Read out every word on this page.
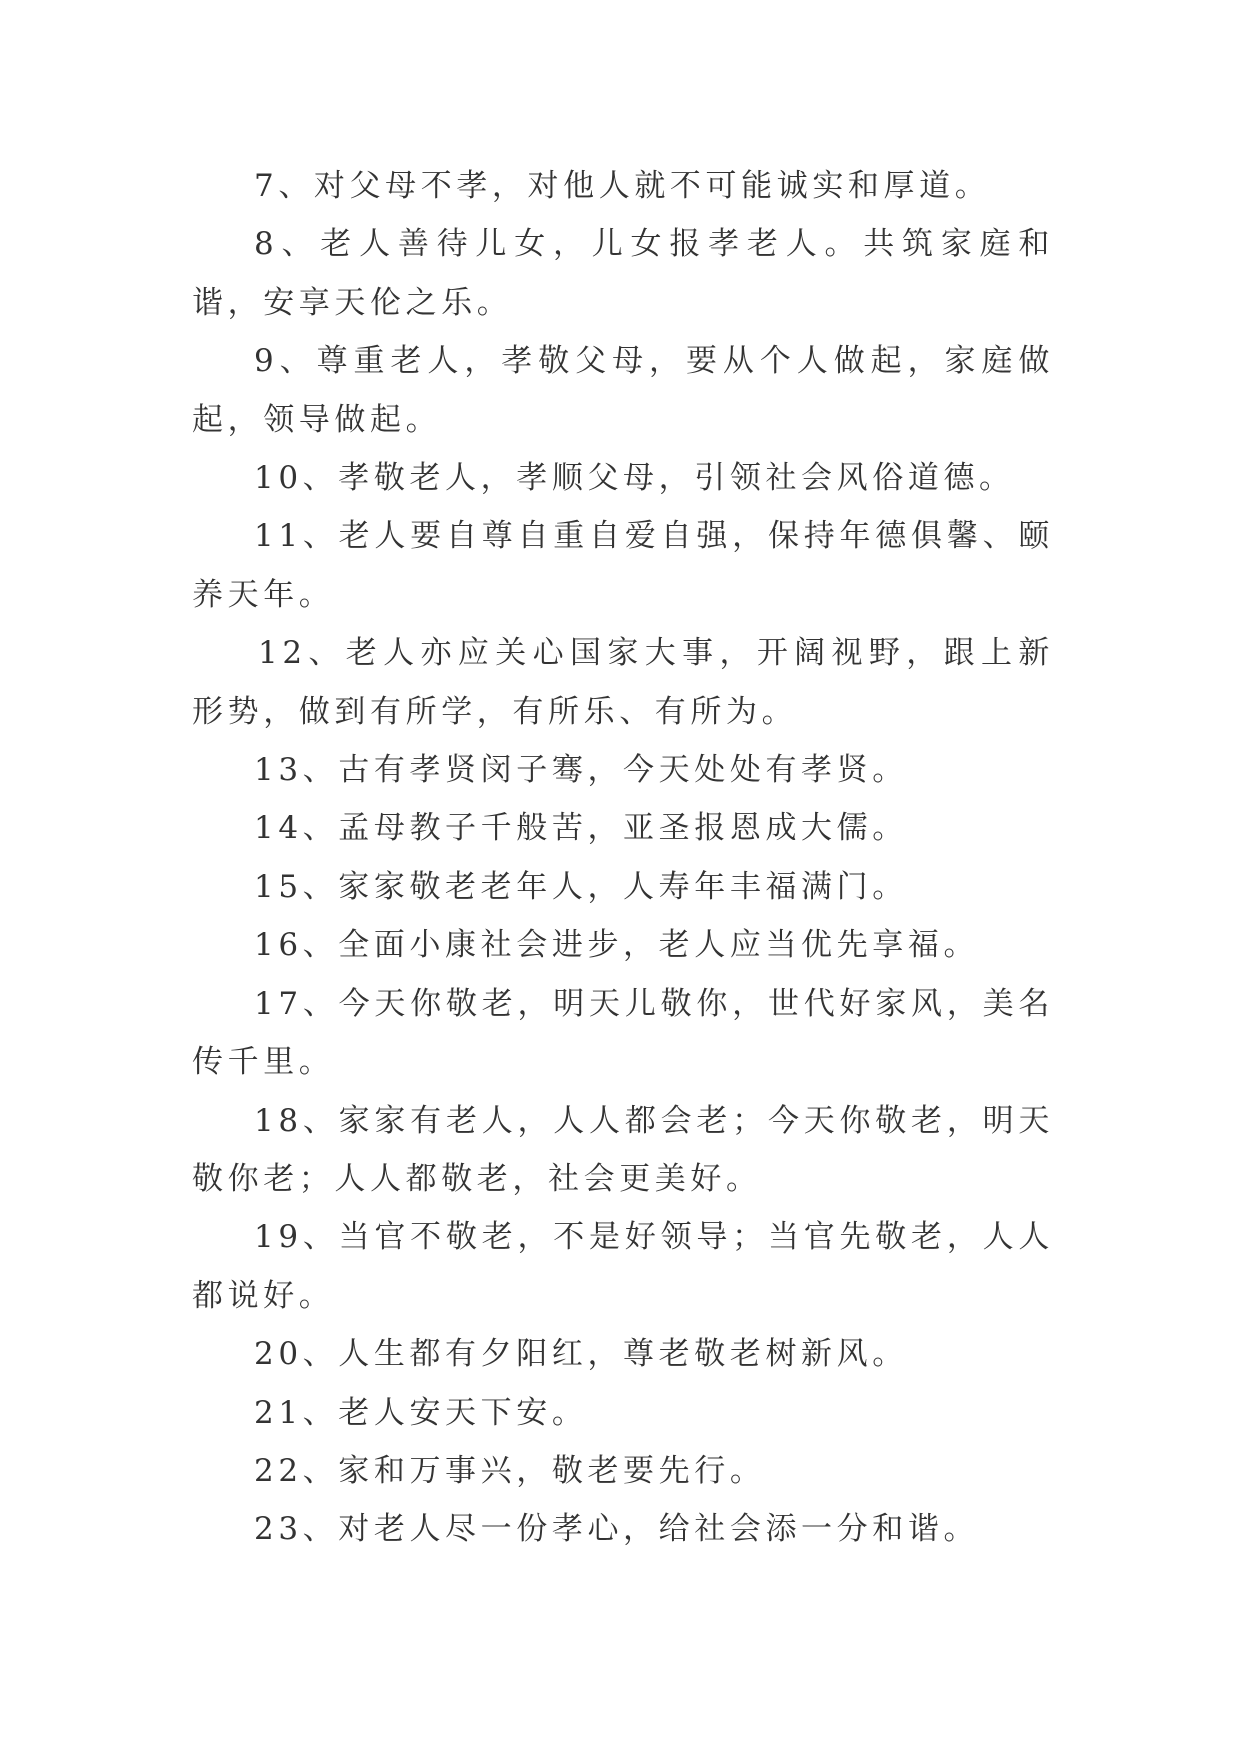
7、对父母不孝，对他人就不可能诚实和厚道。

8、老人善待儿女，儿女报孝老人。共筑家庭和谐，安享天伦之乐。

9、尊重老人，孝敬父母，要从个人做起，家庭做起，领导做起。

10、孝敬老人，孝顺父母，引领社会风俗道德。

11、老人要自尊自重自爱自强，保持年德俱馨、颐养天年。

12、老人亦应关心国家大事，开阔视野，跟上新形势，做到有所学，有所乐、有所为。

13、古有孝贤闵子骞，今天处处有孝贤。

14、孟母教子千般苦，亚圣报恩成大儒。

15、家家敬老老年人，人寿年丰福满门。

16、全面小康社会进步，老人应当优先享福。

17、今天你敬老，明天儿敬你，世代好家风，美名传千里。

18、家家有老人，人人都会老；今天你敬老，明天敬你老；人人都敬老，社会更美好。

19、当官不敬老，不是好领导；当官先敬老，人人都说好。

20、人生都有夕阳红，尊老敬老树新风。

21、老人安天下安。

22、家和万事兴，敬老要先行。

23、对老人尽一份孝心，给社会添一分和谐。
